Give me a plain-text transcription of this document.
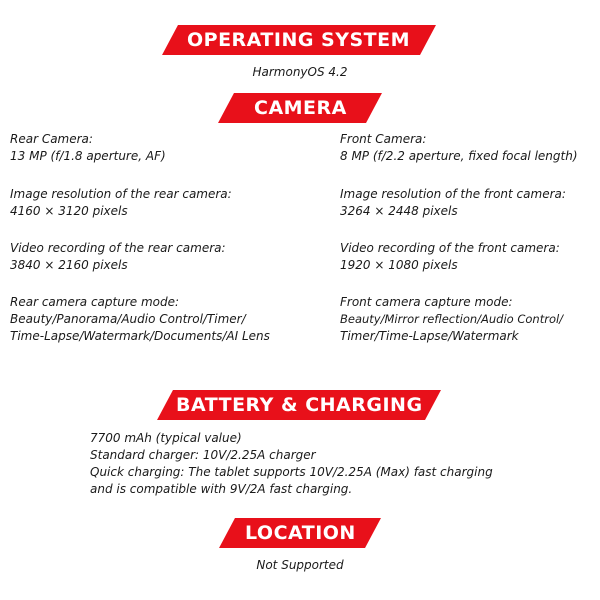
OPERATING SYSTEM
HarmonyOS 4.2
CAMERA
Rear Camera:
13 MP (f/1.8 aperture, AF)
Image resolution of the rear camera:
4160 × 3120 pixels
Video recording of the rear camera:
3840 × 2160 pixels
Rear camera capture mode:
Beauty/Panorama/Audio Control/Timer/
Time-Lapse/Watermark/Documents/AI Lens
Front Camera:
8 MP (f/2.2 aperture, fixed focal length)
Image resolution of the front camera:
3264 × 2448 pixels
Video recording of the front camera:
1920 × 1080 pixels
Front camera capture mode:
Beauty/Mirror reflection/Audio Control/
Timer/Time-Lapse/Watermark
BATTERY & CHARGING
7700 mAh (typical value)
Standard charger: 10V/2.25A charger
Quick charging: The tablet supports 10V/2.25A (Max) fast charging
and is compatible with 9V/2A fast charging.
LOCATION
Not Supported
